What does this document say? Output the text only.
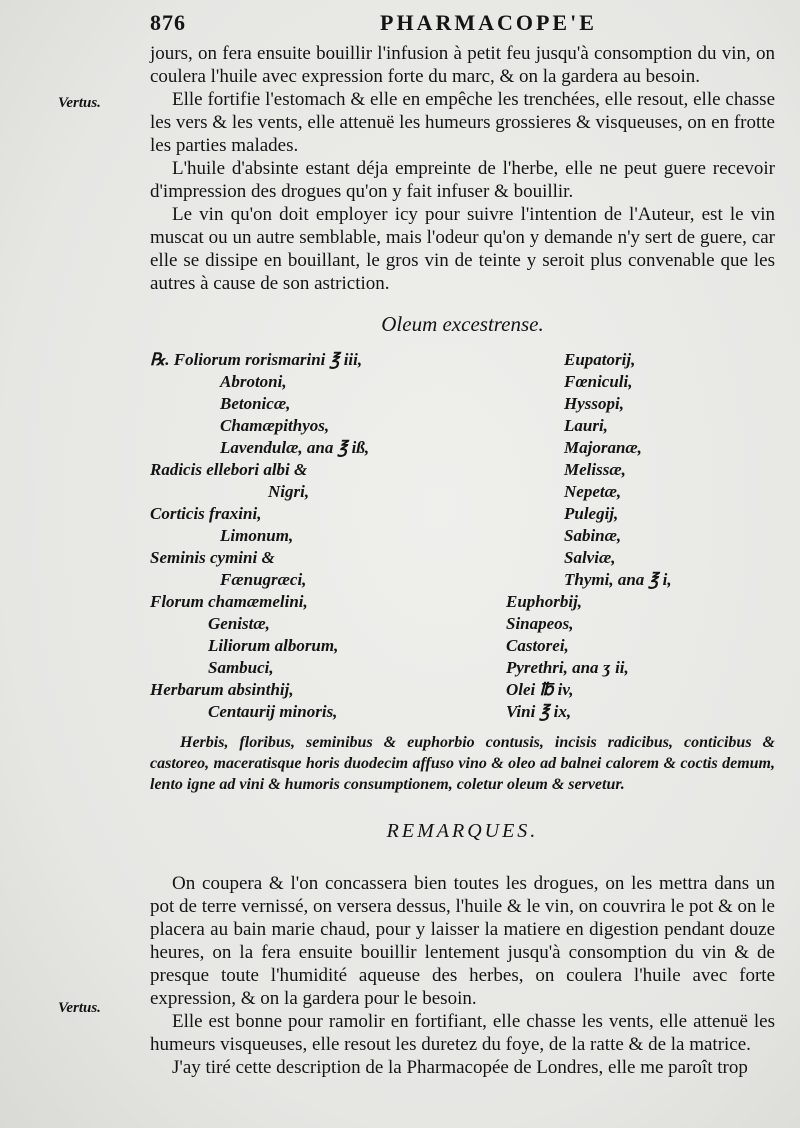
876	PHARMACOPE'E
Vertus.

jours, on fera ensuite bouillir l'infusion à petit feu jusqu'à consomption du vin, on coulera l'huile avec expression forte du marc, & on la gardera au besoin.

Elle fortifie l'estomach & elle en empêche les trenchées, elle resout, elle chasse les vers & les vents, elle attenuë les humeurs grossieres & visqueuses, on en frotte les parties malades.

L'huile d'absinte estant déja empreinte de l'herbe, elle ne peut guere recevoir d'impression des drogues qu'on y fait infuser & bouillir.

Le vin qu'on doit employer icy pour suivre l'intention de l'Auteur, est le vin muscat ou un autre semblable, mais l'odeur qu'on y demande n'y sert de guere, car elle se dissipe en bouillant, le gros vin de teinte y seroit plus convenable que les autres à cause de son astriction.

Oleum excestrense.
℞. Foliorum rorismarini ℥ iii,
Abrotoni,
Betonicæ,
Chamæpithyos,
Lavendulæ, ana ℥ iß,
Radicis ellebori albi &
Nigri,
Corticis fraxini,
Limonum,
Seminis cymini &
Fænugræci,
Florum chamæmelini,
Genistæ,
Liliorum alborum,
Sambuci,
Herbarum absinthij,
Centaurij minoris,
Eupatorij,
Fœniculi,
Hyssopi,
Lauri,
Majoranæ,
Melissæ,
Nepetæ,
Pulegij,
Sabinæ,
Salviæ,
Thymi, ana ℥ i,
Euphorbij,
Sinapeos,
Castorei,
Pyrethri, ana ʒ ii,
Olei ℔ iv,
Vini ℥ ix,
Herbis, floribus, seminibus & euphorbio contusis, incisis radicibus, conticibus & castoreo, maceratisque horis duodecim affuso vino & oleo ad balnei calorem & coctis demum, lento igne ad vini & humoris consumptionem, coletur oleum & servetur.
REMARQUES.
Vertus.

On coupera & l'on concassera bien toutes les drogues, on les mettra dans un pot de terre vernissé, on versera dessus, l'huile & le vin, on couvrira le pot & on le placera au bain marie chaud, pour y laisser la matiere en digestion pendant douze heures, on la fera ensuite bouillir lentement jusqu'à consomption du vin & de presque toute l'humidité aqueuse des herbes, on coulera l'huile avec forte expression, & on la gardera pour le besoin.

Elle est bonne pour ramolir en fortifiant, elle chasse les vents, elle attenuë les humeurs visqueuses, elle resout les duretez du foye, de la ratte & de la matrice.

J'ay tiré cette description de la Pharmacopée de Londres, elle me paroît trop
